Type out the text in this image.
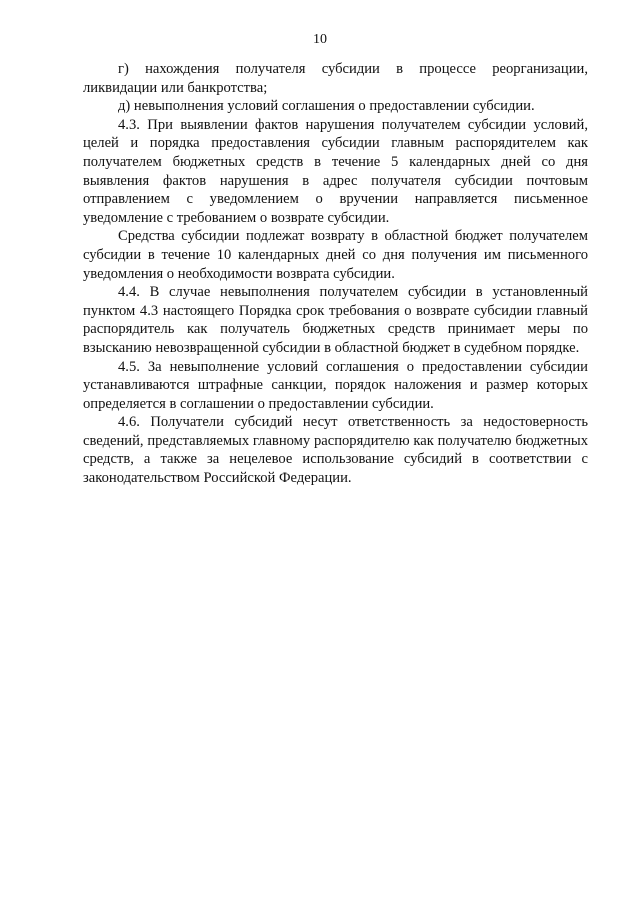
10

г) нахождения получателя субсидии в процессе реорганизации, ликвидации или банкротства;

д) невыполнения условий соглашения о предоставлении субсидии.

4.3. При выявлении фактов нарушения получателем субсидии условий, целей и порядка предоставления субсидии главным распорядителем как получателем бюджетных средств в течение 5 календарных дней со дня выявления фактов нарушения в адрес получателя субсидии почтовым отправлением с уведомлением о вручении направляется письменное уведомление с требованием о возврате субсидии.

Средства субсидии подлежат возврату в областной бюджет получателем субсидии в течение 10 календарных дней со дня получения им письменного уведомления о необходимости возврата субсидии.

4.4. В случае невыполнения получателем субсидии в установленный пунктом 4.3 настоящего Порядка срок требования о возврате субсидии главный распорядитель как получатель бюджетных средств принимает меры по взысканию невозвращенной субсидии в областной бюджет в судебном порядке.

4.5. За невыполнение условий соглашения о предоставлении субсидии устанавливаются штрафные санкции, порядок наложения и размер которых определяется в соглашении о предоставлении субсидии.

4.6. Получатели субсидий несут ответственность за недостоверность сведений, представляемых главному распорядителю как получателю бюджетных средств, а также за нецелевое использование субсидий в соответствии с законодательством Российской Федерации.
